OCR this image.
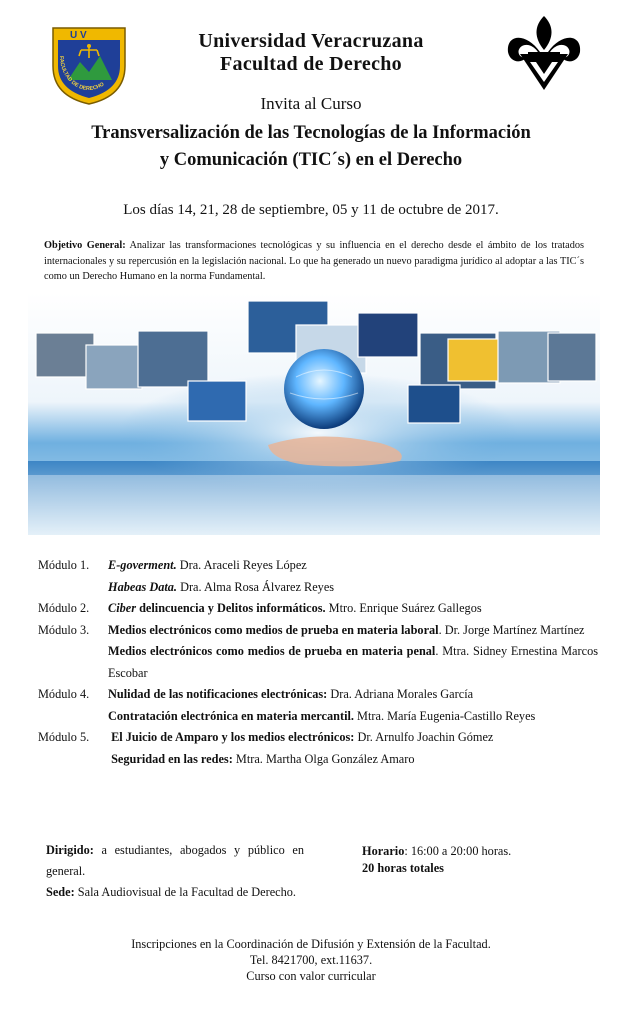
U V
FACULTAD DE DERECHO
Universidad Veracruzana
Facultad de Derecho
Invita al Curso
Transversalización de las Tecnologías de la Información
y Comunicación (TIC´s) en el Derecho
Los días 14, 21, 28 de septiembre, 05 y 11 de octubre de 2017.
Objetivo General: Analizar las transformaciones tecnológicas y su influencia en el derecho desde el ámbito de los tratados internacionales y su repercusión en la legislación nacional. Lo que ha generado un nuevo paradigma jurídico al adoptar a las TIC´s como un Derecho Humano en la norma Fundamental.
Módulo 1.	E-goverment. Dra. Araceli Reyes López
Habeas Data. Dra. Alma Rosa Álvarez Reyes
Módulo 2.	Ciber delincuencia y Delitos informáticos. Mtro. Enrique Suárez Gallegos
Módulo 3.	Medios electrónicos como medios de prueba en materia laboral. Dr. Jorge Martínez Martínez
Medios electrónicos como medios de prueba en materia penal. Mtra. Sidney Ernestina Marcos Escobar
Módulo 4.	Nulidad de las notificaciones electrónicas: Dra. Adriana Morales García
Contratación electrónica en materia mercantil. Mtra. María Eugenia-Castillo Reyes
Módulo 5.	El Juicio de Amparo y los medios electrónicos: Dr. Arnulfo Joachin Gómez
Seguridad en las redes: Mtra. Martha Olga González Amaro
Dirigido: a estudiantes, abogados y público en general.
Sede: Sala Audiovisual de la Facultad de Derecho.
Horario: 16:00 a 20:00 horas.
20 horas totales
Inscripciones en la Coordinación de Difusión y Extensión de la Facultad.
Tel. 8421700, ext.11637.
Curso con valor curricular
